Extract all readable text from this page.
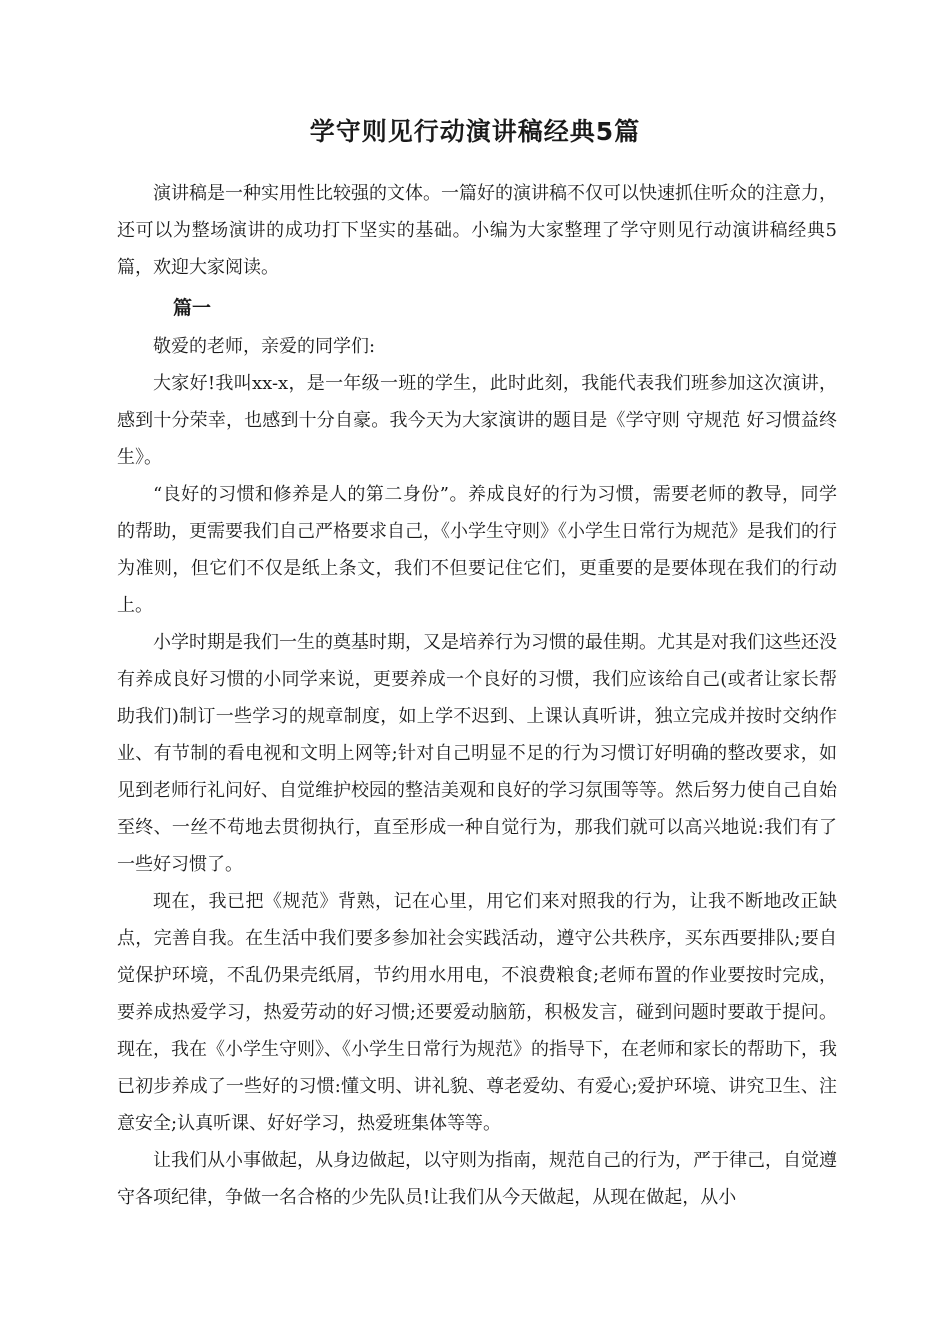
学守则见行动演讲稿经典5篇

演讲稿是一种实用性比较强的文体。一篇好的演讲稿不仅可以快速抓住听众的注意力，还可以为整场演讲的成功打下坚实的基础。小编为大家整理了学守则见行动演讲稿经典5篇，欢迎大家阅读。

篇一

敬爱的老师，亲爱的同学们:

大家好!我叫xx-x，是一年级一班的学生，此时此刻，我能代表我们班参加这次演讲，感到十分荣幸，也感到十分自豪。我今天为大家演讲的题目是《学守则 守规范 好习惯益终生》。

“良好的习惯和修养是人的第二身份”。养成良好的行为习惯，需要老师的教导，同学的帮助，更需要我们自己严格要求自己，《小学生守则》《小学生日常行为规范》是我们的行为准则，但它们不仅是纸上条文，我们不但要记住它们，更重要的是要体现在我们的行动上。

小学时期是我们一生的奠基时期，又是培养行为习惯的最佳期。尤其是对我们这些还没有养成良好习惯的小同学来说，更要养成一个良好的习惯，我们应该给自己(或者让家长帮助我们)制订一些学习的规章制度，如上学不迟到、上课认真听讲，独立完成并按时交纳作业、有节制的看电视和文明上网等;针对自己明显不足的行为习惯订好明确的整改要求，如见到老师行礼问好、自觉维护校园的整洁美观和良好的学习氛围等等。然后努力使自己自始至终、一丝不苟地去贯彻执行，直至形成一种自觉行为，那我们就可以高兴地说:我们有了一些好习惯了。

现在，我已把《规范》背熟，记在心里，用它们来对照我的行为，让我不断地改正缺点，完善自我。在生活中我们要多参加社会实践活动，遵守公共秩序，买东西要排队;要自觉保护环境，不乱仍果壳纸屑，节约用水用电，不浪费粮食;老师布置的作业要按时完成，要养成热爱学习，热爱劳动的好习惯;还要爱动脑筋，积极发言，碰到问题时要敢于提问。现在，我在《小学生守则》、《小学生日常行为规范》的指导下，在老师和家长的帮助下，我已初步养成了一些好的习惯:懂文明、讲礼貌、尊老爱幼、有爱心;爱护环境、讲究卫生、注意安全;认真听课、好好学习，热爱班集体等等。

让我们从小事做起，从身边做起，以守则为指南，规范自己的行为，严于律己，自觉遵守各项纪律，争做一名合格的少先队员!让我们从今天做起，从现在做起，从小
